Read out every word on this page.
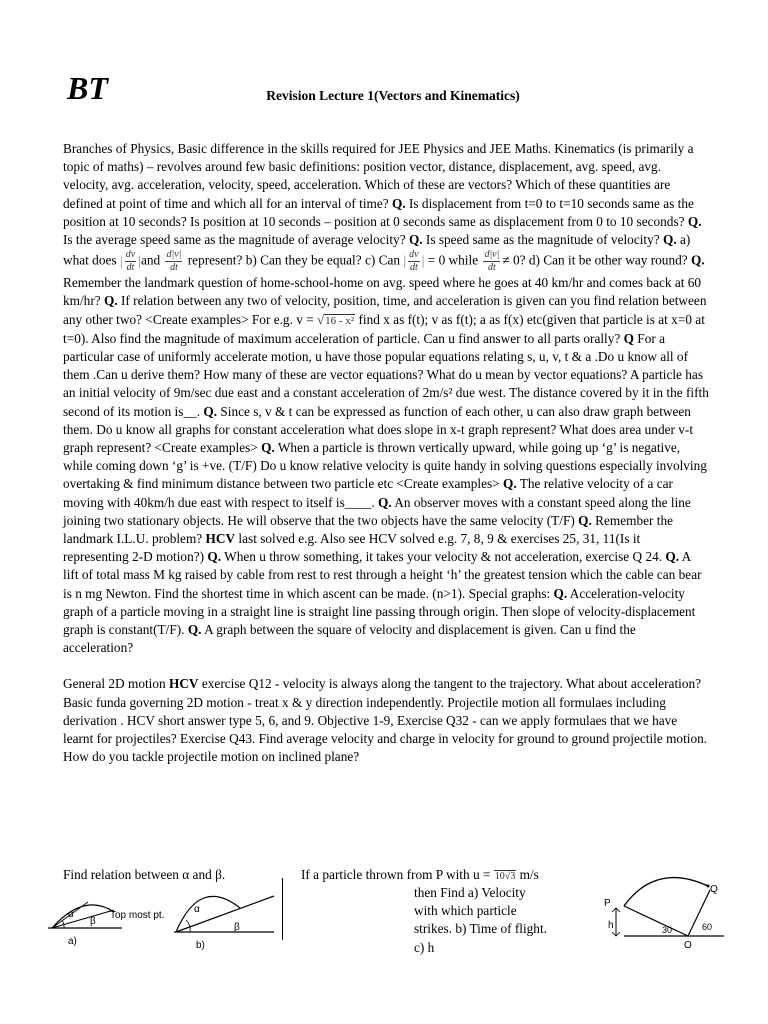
BT	Revision Lecture 1(Vectors and Kinematics)

Branches of Physics, Basic difference in the skills required for JEE Physics and JEE Maths. Kinematics (is primarily a topic of maths) – revolves around few basic definitions: position vector, distance, displacement, avg. speed, avg. velocity, avg. acceleration, velocity, speed, acceleration. Which of these are vectors? Which of these quantities are defined at point of time and which all for an interval of time? Q. Is displacement from t=0 to t=10 seconds same as the position at 10 seconds? Is position at 10 seconds – position at 0 seconds same as displacement from 0 to 10 seconds? Q. Is the average speed same as the magnitude of average velocity? Q. Is speed same as the magnitude of velocity? Q. a) what does | $\frac{dv}{dt} |and \frac{d|v|}{dt}$ represent? b) Can they be equal? c) Can | $\frac{dv}{dt}$ | = 0 while $\frac{d|v|}{dt} \ne 0$? d) Can it be other way round? Q. Remember the landmark question of home-school-home on avg. speed where he goes at 40 km/hr and comes back at 60 km/hr? Q. If relation between any two of velocity, position, time, and acceleration is given can you find relation between any other two? <Create examples> For e.g. v = √16 - x² find x as f(t); v as f(t); a as f(x) etc(given that particle is at x=0 at t=0). Also find the magnitude of maximum acceleration of particle. Can u find answer to all parts orally? Q For a particular case of uniformly accelerate motion, u have those popular equations relating s, u, v, t & a .Do u know all of them .Can u derive them? How many of these are vector equations? What do u mean by vector equations? A particle has an initial velocity of 9m/sec due east and a constant acceleration of 2m/s² due west. The distance covered by it in the fifth second of its motion is__. Q. Since s, v & t can be expressed as function of each other, u can also draw graph between them. Do u know all graphs for constant acceleration what does slope in x-t graph represent? What does area under v-t graph represent? <Create examples> Q. When a particle is thrown vertically upward, while going up ‘g’ is negative, while coming down ‘g’ is +ve. (T/F) Do u know relative velocity is quite handy in solving questions especially involving overtaking & find minimum distance between two particle etc <Create examples> Q. The relative velocity of a car moving with 40km/h due east with respect to itself is____. Q. An observer moves with a constant speed along the line joining two stationary objects. He will observe that the two objects have the same velocity (T/F) Q. Remember the landmark I.L.U. problem? HCV last solved e.g. Also see HCV solved e.g. 7, 8, 9 & exercises 25, 31, 11(Is it representing 2-D motion?) Q. When u throw something, it takes your velocity & not acceleration, exercise Q 24. Q. A lift of total mass M kg raised by cable from rest to rest through a height ‘h’ the greatest tension which the cable can bear is n mg Newton. Find the shortest time in which ascent can be made. (n>1). Special graphs: Q. Acceleration-velocity graph of a particle moving in a straight line is straight line passing through origin. Then slope of velocity-displacement graph is constant(T/F). Q. A graph between the square of velocity and displacement is given. Can u find the acceleration?

General 2D motion HCV exercise Q12 - velocity is always along the tangent to the trajectory. What about acceleration? Basic funda governing 2D motion - treat x & y direction independently. Projectile motion all formulaes including derivation . HCV short answer type 5, 6, and 9. Objective 1-9, Exercise Q32 - can we apply formulaes that we have learnt for projectiles? Exercise Q43. Find average velocity and charge in velocity for ground to ground projectile motion. How do you tackle projectile motion on inclined plane?

Find relation between α and β.	If a particle thrown from P with u = 10√3 m/s
then Find a) Velocity
with which particle
strikes. b) Time of flight.
c) h
α
β
Top most pt.
a)
α
β
b)
P
Q
h	30	60
O
